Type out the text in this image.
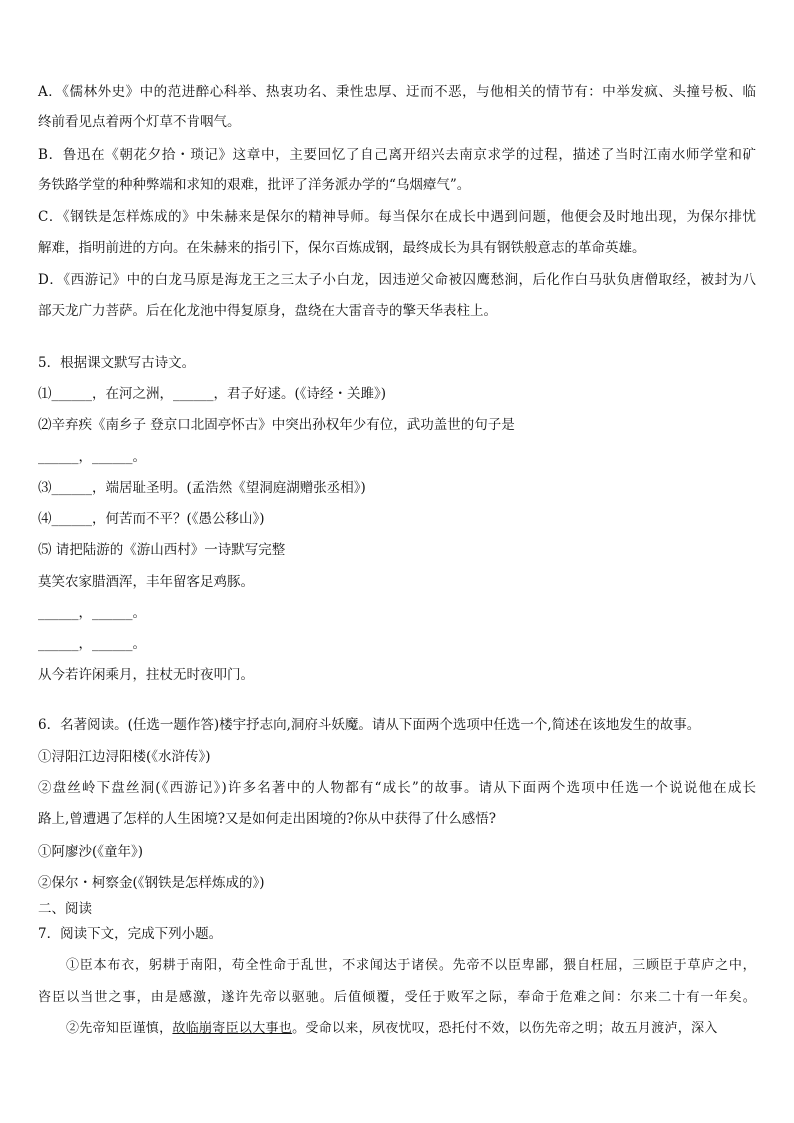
A．《儒林外史》中的范进醉心科举、热衷功名、秉性忠厚、迂而不恶，与他相关的情节有：中举发疯、头撞号板、临
终前看见点着两个灯草不肯咽气。
B．鲁迅在《朝花夕拾・琐记》这章中，主要回忆了自己离开绍兴去南京求学的过程，描述了当时江南水师学堂和矿
务铁路学堂的种种弊端和求知的艰难，批评了洋务派办学的“乌烟瘴气”。
C．《钢铁是怎样炼成的》中朱赫来是保尔的精神导师。每当保尔在成长中遇到问题，他便会及时地出现，为保尔排忧
解难，指明前进的方向。在朱赫来的指引下，保尔百炼成钢，最终成长为具有钢铁般意志的革命英雄。
D．《西游记》中的白龙马原是海龙王之三太子小白龙，因违逆父命被囚鹰愁涧，后化作白马驮负唐僧取经，被封为八
部天龙广力菩萨。后在化龙池中得复原身，盘绕在大雷音寺的擎天华表柱上。
5．根据课文默写古诗文。
⑴______，在河之洲，______，君子好逑。(《诗经・关雎》)
⑵辛弃疾《南乡子 登京口北固亭怀古》中突出孙权年少有位，武功盖世的句子是
______，______。
⑶______，端居耻圣明。(孟浩然《望洞庭湖赠张丞相》)
⑷______，何苦而不平？(《愚公移山》)
⑸ 请把陆游的《游山西村》一诗默写完整
莫笑农家腊酒浑，丰年留客足鸡豚。
______，______。
______，______。
从今若许闲乘月，拄杖无时夜叩门。
6．名著阅读。(任选一题作答)楼宇抒志向,洞府斗妖魔。请从下面两个选项中任选一个,简述在该地发生的故事。
①浔阳江边浔阳楼(《水浒传》)
②盘丝岭下盘丝洞(《西游记》)许多名著中的人物都有“成长”的故事。请从下面两个选项中任选一个说说他在成长
路上,曾遭遇了怎样的人生困境?又是如何走出困境的?你从中获得了什么感悟?
①阿廖沙(《童年》)
②保尔・柯察金(《钢铁是怎样炼成的》)
二、阅读
7．阅读下文，完成下列小题。
①臣本布衣，躬耕于南阳，苟全性命于乱世，不求闻达于诸侯。先帝不以臣卑鄙，猥自枉屈，三顾臣于草庐之中，
咨臣以当世之事，由是感激，遂许先帝以驱驰。后值倾覆，受任于败军之际，奉命于危难之间：尔来二十有一年矣。
②先帝知臣谨慎，故临崩寄臣以大事也。受命以来，夙夜忧叹，恐托付不效，以伤先帝之明；故五月渡泸，深入
